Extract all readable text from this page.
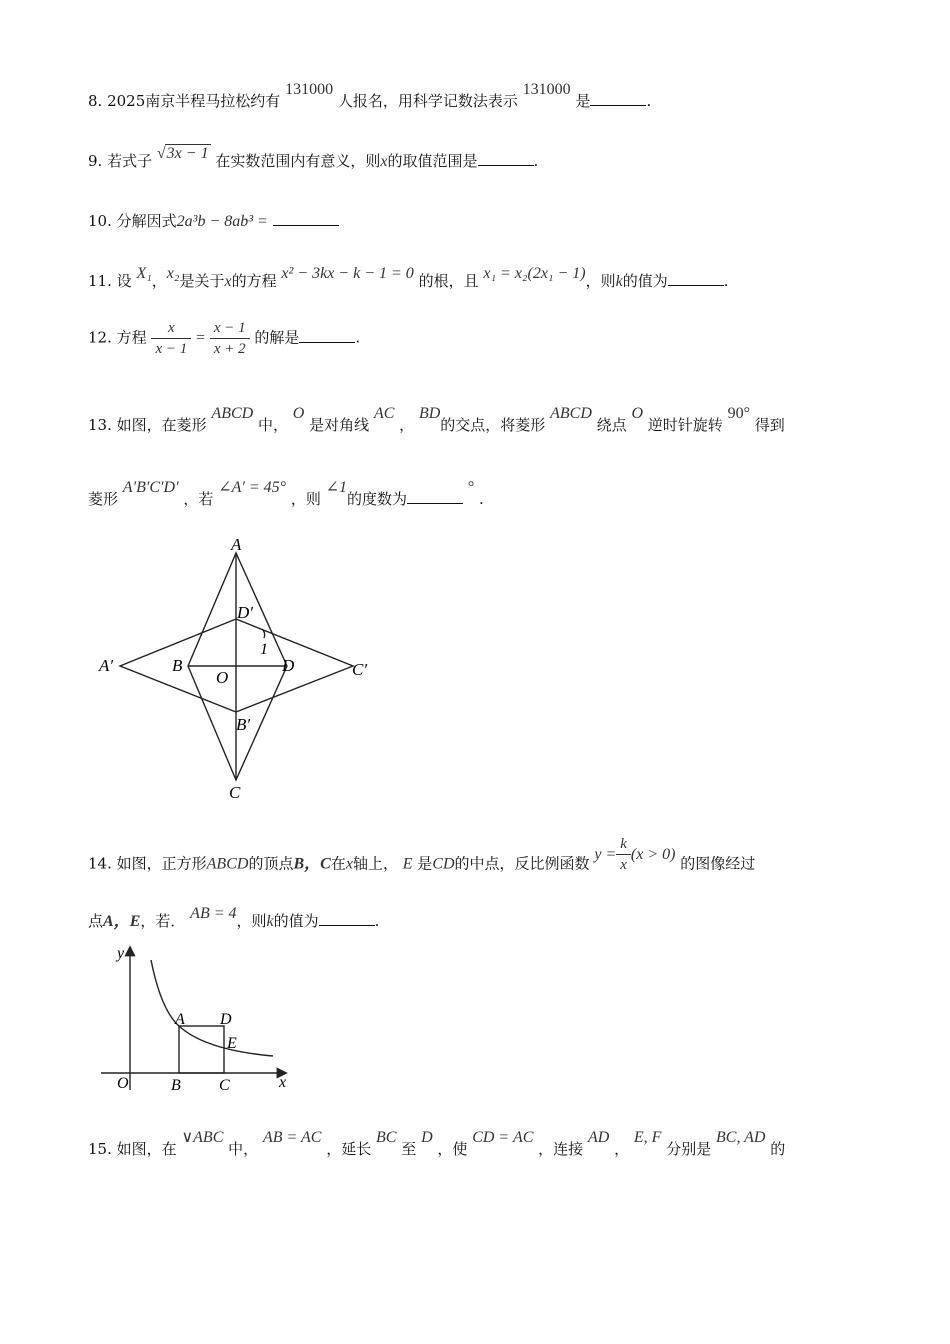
8. 2025南京半程马拉松约有 131000 人报名，用科学记数法表示 131000 是	.
9. 若式子 √3x − 1 在实数范围内有意义，则x的取值范围是	.
10. 分解因式2a³b − 8ab³ =
11. 设 X₁，x₂是关于x的方程 x² − 3kx − k − 1 = 0 的根，且 x₁ = x₂(2x₁ − 1)，则k的值为	.
12. 方程 $\frac{x}{x - 1} = \frac{x - 1}{x + 2}$ 的解是	.
13. 如图，在菱形 ABCD 中， O 是对角线 AC ， BD的交点，将菱形 ABCD 绕点 O 逆时针旋转 90° 得到
菱形 A′B′C′D′ ，若 ∠A′ = 45° ，则 ∠1的度数为 ° .
A
D′
1
A′	B
O
D	C′
B′
C
14. 如图，正方形ABCD的顶点B，C在x轴上， E 是CD的中点，反比例函数 $y = \frac{k}{x} (x > 0)$ 的图像经过
点A，E，若． AB = 4，则k的值为	.
y
x
O
A D
E
B C
15. 如图，在 ∨ABC 中， AB = AC ，延长 BC 至 D ，使 CD = AC ，连接 AD ， E, F 分别是 BC, AD 的
